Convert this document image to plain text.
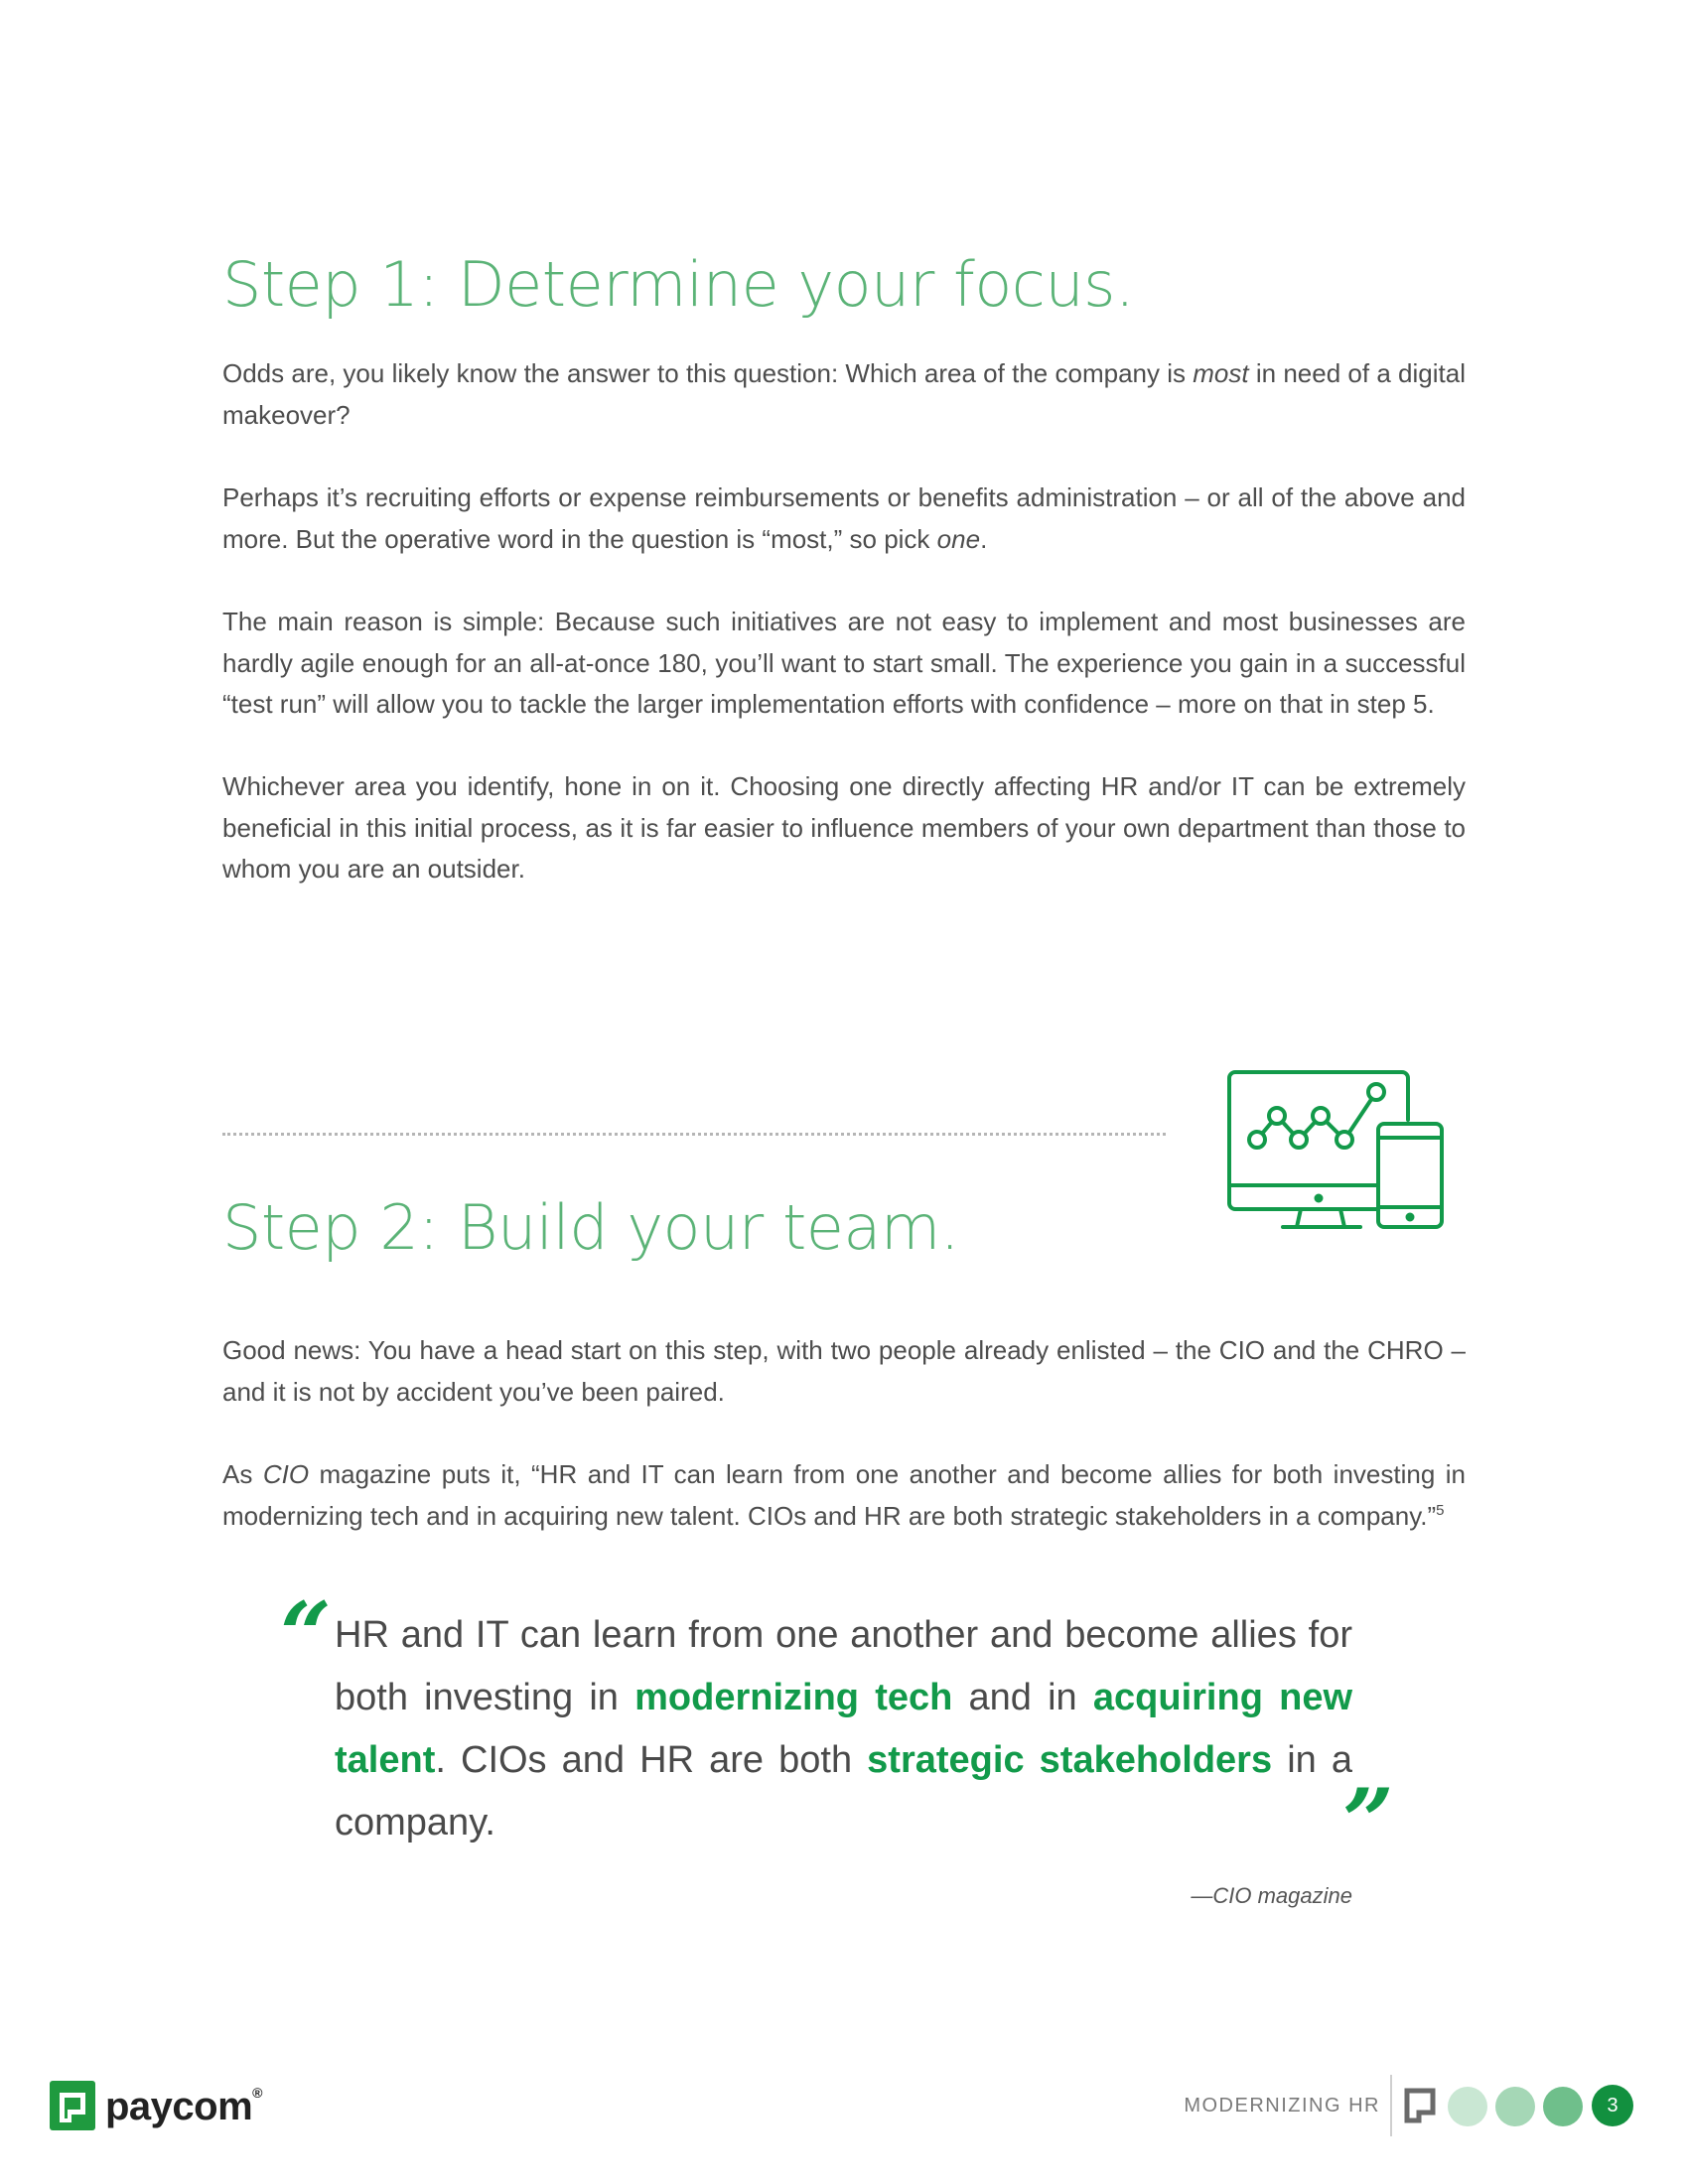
Step 1: Determine your focus.

Odds are, you likely know the answer to this question: Which area of the company is most in need of a digital makeover?

Perhaps it’s recruiting efforts or expense reimbursements or benefits administration – or all of the above and more. But the operative word in the question is “most,” so pick one.

The main reason is simple: Because such initiatives are not easy to implement and most businesses are hardly agile enough for an all-at-once 180, you’ll want to start small. The experience you gain in a successful “test run” will allow you to tackle the larger implementation efforts with confidence – more on that in step 5.

Whichever area you identify, hone in on it. Choosing one directly affecting HR and/or IT can be extremely beneficial in this initial process, as it is far easier to influence members of your own department than those to whom you are an outsider.

Step 2: Build your team.

Good news: You have a head start on this step, with two people already enlisted – the CIO and the CHRO – and it is not by accident you’ve been paired.

As CIO magazine puts it, “HR and IT can learn from one another and become allies for both investing in modernizing tech and in acquiring new talent. CIOs and HR are both strategic stakeholders in a company.”$^5$

“ HR and IT can learn from one another and become allies for both investing in modernizing tech and in acquiring new talent. CIOs and HR are both strategic stakeholders in a company.	”
—CIO magazine
paycom®
MODERNIZING HR	3
